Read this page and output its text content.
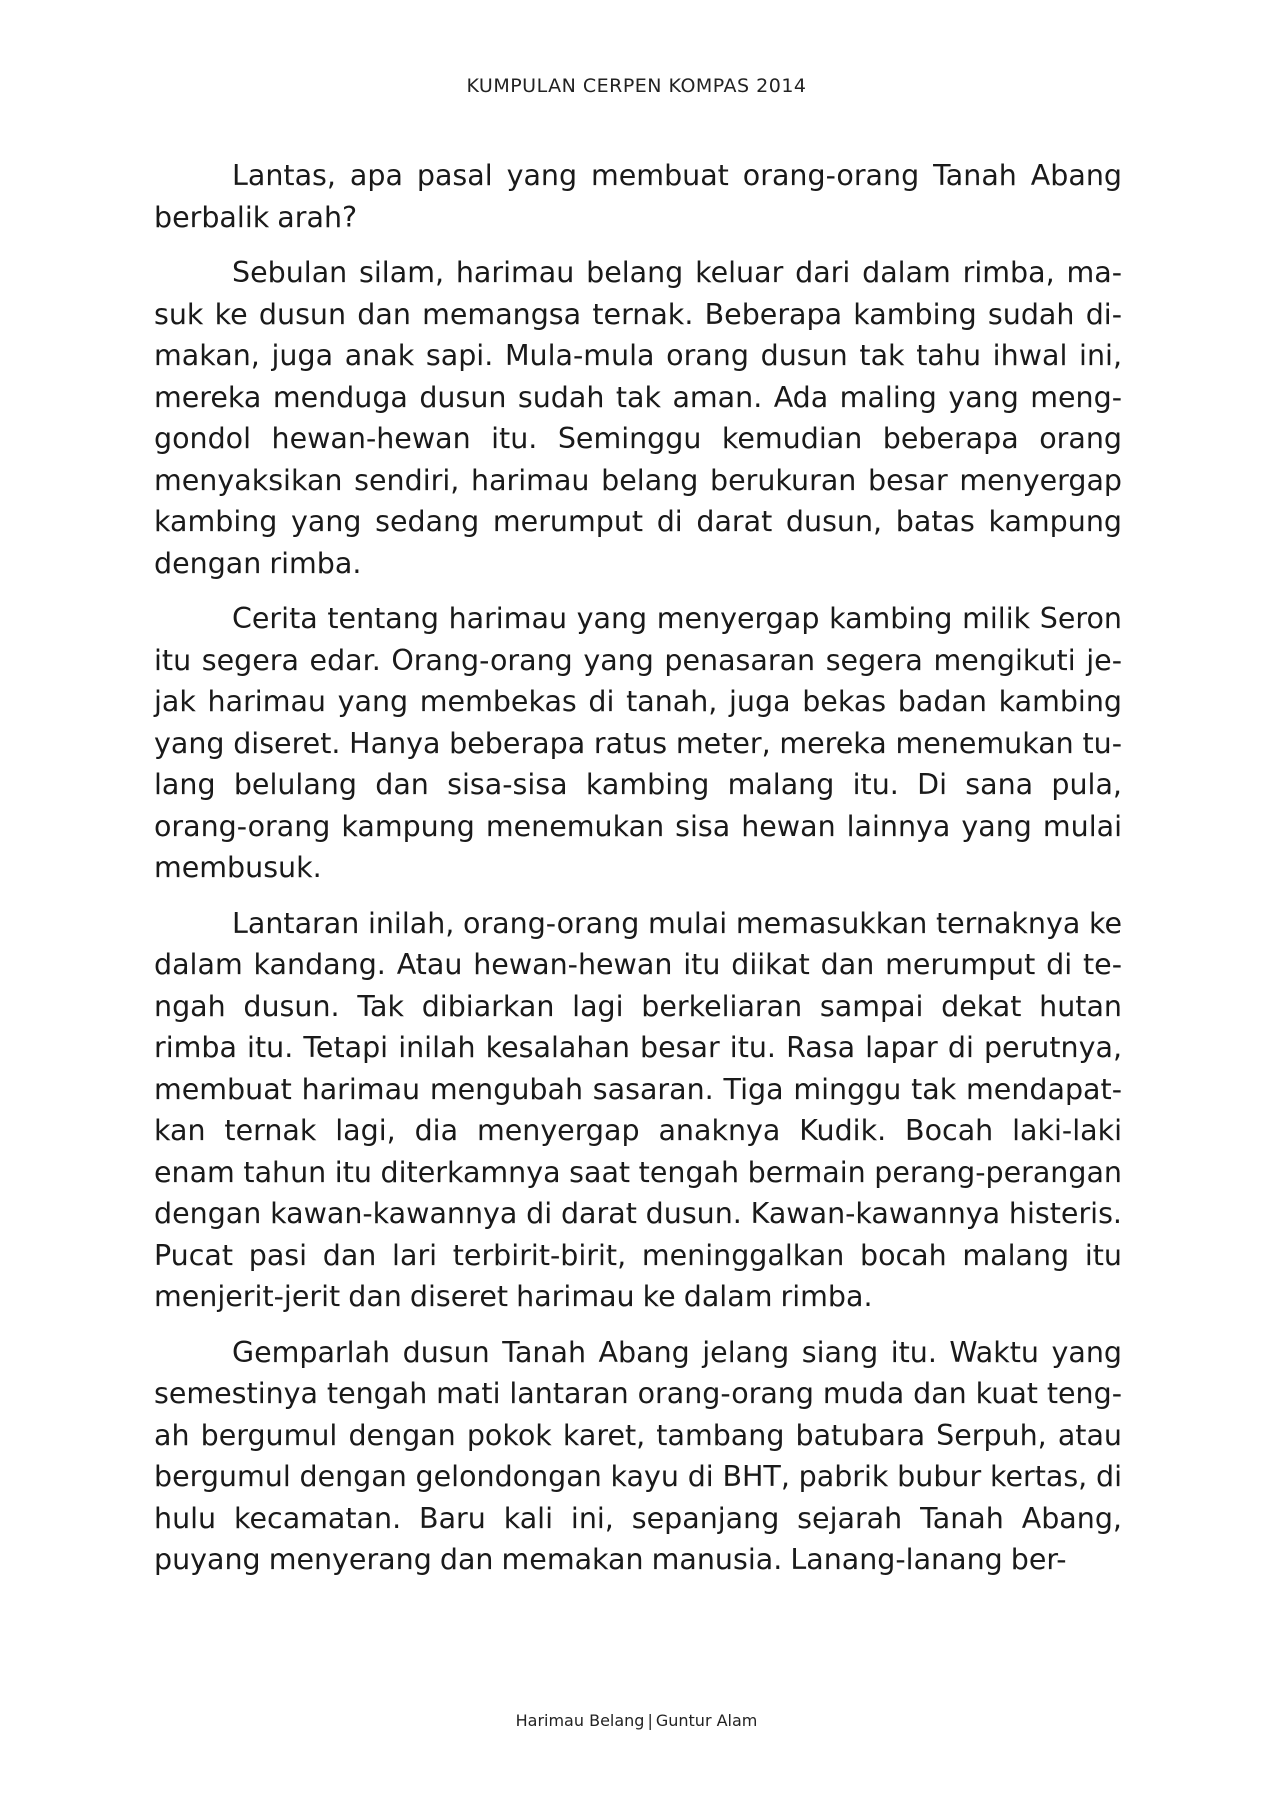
KUMPULAN CERPEN KOMPAS 2014

Lantas, apa pasal yang membuat orang-orang Tanah Abang berbalik arah?

Sebulan silam, harimau belang keluar dari dalam rimba, masuk ke dusun dan memangsa ternak. Beberapa kambing sudah dimakan, juga anak sapi. Mula-mula orang dusun tak tahu ihwal ini, mereka menduga dusun sudah tak aman. Ada maling yang menggondol hewan-hewan itu. Seminggu kemudian beberapa orang menyaksikan sendiri, harimau belang berukuran besar menyergap kambing yang sedang merumput di darat dusun, batas kampung dengan rimba.

Cerita tentang harimau yang menyergap kambing milik Seron itu segera edar. Orang-orang yang penasaran segera mengikuti jejak harimau yang membekas di tanah, juga bekas badan kambing yang diseret. Hanya beberapa ratus meter, mereka menemukan tulang belulang dan sisa-sisa kambing malang itu. Di sana pula, orang-orang kampung menemukan sisa hewan lainnya yang mulai membusuk.

Lantaran inilah, orang-orang mulai memasukkan ternaknya ke dalam kandang. Atau hewan-hewan itu diikat dan merumput di tengah dusun. Tak dibiarkan lagi berkeliaran sampai dekat hutan rimba itu. Tetapi inilah kesalahan besar itu. Rasa lapar di perutnya, membuat harimau mengubah sasaran. Tiga minggu tak mendapatkan ternak lagi, dia menyergap anaknya Kudik. Bocah laki-laki enam tahun itu diterkamnya saat tengah bermain perang-perangan dengan kawan-kawannya di darat dusun. Kawan-kawannya histeris. Pucat pasi dan lari terbirit-birit, meninggalkan bocah malang itu menjerit-jerit dan diseret harimau ke dalam rimba.

Gemparlah dusun Tanah Abang jelang siang itu. Waktu yang semestinya tengah mati lantaran orang-orang muda dan kuat tengah bergumul dengan pokok karet, tambang batubara Serpuh, atau bergumul dengan gelondongan kayu di BHT, pabrik bubur kertas, di hulu kecamatan. Baru kali ini, sepanjang sejarah Tanah Abang, puyang menyerang dan memakan manusia. Lanang-lanang ber-

Harimau Belang | Guntur Alam
